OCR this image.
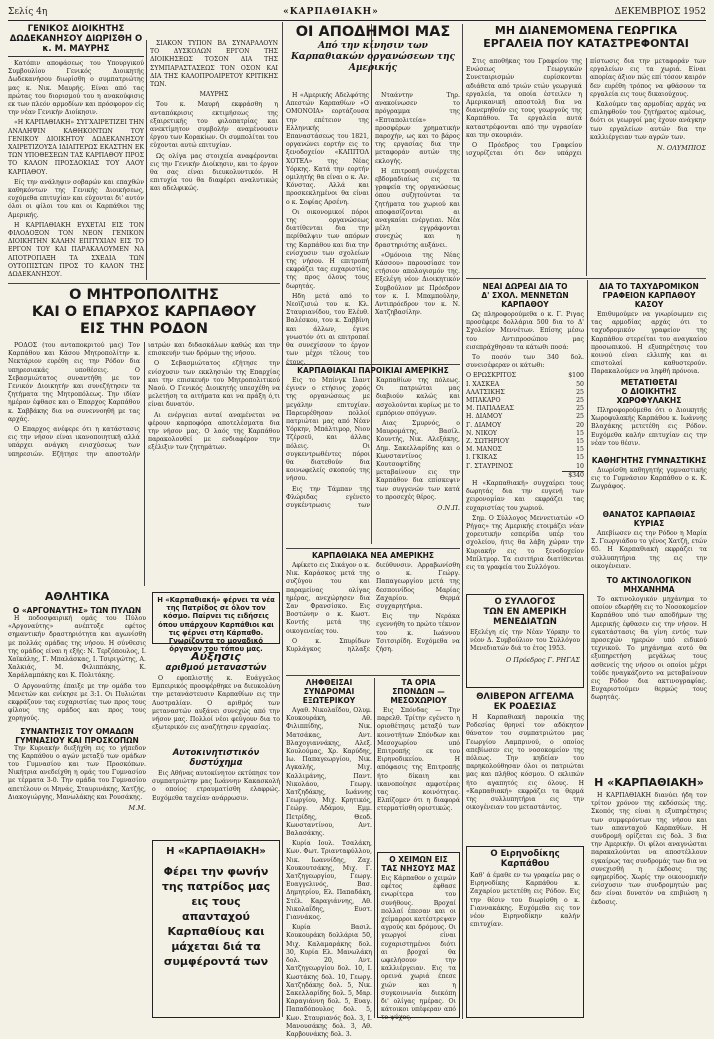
Σελίς 4η	«ΚΑΡΠΑΘΙΑΚΗ»	ΔΕΚΕΜΒΡΙΟΣ 1952
ΓΕΝΙΚΟΣ ΔΙΟΙΚΗΤΗΣ
ΔΩΔΕΚΑΝΗΣΟΥ ΔΙΩΡΙΣΘΗ Ο κ. Μ. ΜΑΥΡΗΣ

Κατόπιν αποφάσεως του Υπουργικού Συμβουλίου Γενικός Διοικητής Δωδεκανήσου διωρίσθη ο συμπατριώτης μας κ. Νικ. Μαυρής. Είναι από τας πρώτας του διορισμού του η ανακούφισις εκ των πλεόν αρμοδίων και πρόσφορον είς την νέαν Γενικήν Διοίκησιν.

«Η ΚΑΡΠΑΘΙΑΚΗ» ΣΥΓΧΑΙΡΕΤΙΖΕΙ ΤΗΝ ΑΝΑΛΗΨΙΝ ΚΑΘΗΚΟΝΤΩΝ ΤΟΥ ΓΕΝΙΚΟΥ ΔΙΟΙΚΗΤΟΥ ΔΩΔΕΚΑΝΗΣΟΥ ΧΑΙΡΕΤΙΖΟΥΣΑ ΙΔΙΑΙΤΕΡΩΣ ΕΚΑΣΤΗΝ ΕΚ ΤΩΝ ΥΠΟΘΕΣΕΩΝ ΤΑΣ ΚΑΡΠΑΘΟΥ ΠΡΟΣ ΤΟ ΚΑΛΟΝ ΠΡΟΣΔΟΚΙΑΣ ΤΟΥ ΛΑΟΥ ΚΑΡΠΑΘΟΥ.

Είς την ανάληψιν σοβαρών και επαχθών καθηκόντων της Γενικής Διοικήσεως, ευχόμεθα επιτυχίαν και εύχονται δι' αυτόν όλοι οι φίλοι του και οι Καρπάθιοι της Αμερικής.

Η ΚΑΡΠΑΘΙΑΚΗ ΕΥΧΕΤΑΙ ΕΙΣ ΤΟΝ ΦΙΛΟΔΟΞΟΝ ΤΟΝ ΝΕΟΝ ΓΕΝΙΚΟΝ ΔΙΟΙΚΗΤΗΝ ΚΑΛΗΝ ΕΠΙΤΥΧΙΑΝ ΕΙΣ ΤΟ ΕΡΓΟΝ ΤΟΥ ΚΑΙ ΠΑΡΑΚΑΛΟΥΜΕΝ ΝΑ ΑΠΟΤΡΟΠΑΞΗ ΤΑ ΣΧΕΔΙΑ ΤΩΝ ΟΥΤΟΠΙΣΤΩΝ ΠΡΟΣ ΤΟ ΚΑΛΟΝ ΤΗΣ ΔΩΔΕΚΑΝΗΣΟΥ.

ΣΙΑΚΟΝ ΤΥΠΟΝ ΒΑ ΣΥΝΑΡΑΛΟΥΝ ΤΟ ΔΥΣΚΟΛΩΝ ΕΡΓΟΝ ΤΗΣ ΔΙΟΙΚΗΣΕΩΣ ΤΟΣΟΝ ΔΙΑ ΤΗΣ ΣΥΜΠΑΡΑΣΤΑΣΕΩΣ ΤΟΝ ΟΣΟΝ ΚΑΙ ΔΙΑ ΤΗΣ ΚΑΛΟΠΡΟΑΙΡΕΤΟΥ ΚΡΙΤΙΚΗΣ ΤΩΝ.

ΜΑΥΡΗΣ

Του κ. Μαυρή εκφράσθη η ανταπόκρισις εκτιμήσεως της εξαιρετικής του φιλοπατρίας και ανεκτίμητον συμβολήν αναμένουσιν έργου των Κορακίων. Οι συμπολίται του εύχονται αυτώ επιτυχίαν.

Ως ολίγα μας στοιχεία αναφέρονται εις την Γενικήν Διοίκησιν, και το έργον θα σας είναι διευκολυντικόν. Η επιτυχία του θα διαφέρει αναλυτικώς και αδελφικώς.

Ο ΜΗΤΡΟΠΟΛΙΤΗΣ
ΚΑΙ Ο ΕΠΑΡΧΟΣ ΚΑΡΠΑΘΟΥ
ΕΙΣ ΤΗΝ ΡΟΔΟΝ

ΡΟΔΟΣ (του ανταποκριτού μας) Τον Καρπάθου και Κάσου Μητροπολίτην κ. Νεκτάριον ευρέθη εις την Ρόδον δια υπηρεσιακάς υποθέσεις. Ο Σεβασμιώτατος συναντήθη με τον Γενικόν Διοικητήν και συνεζήτησεν τα ζητήματα της Μητροπόλεως. Την ιδίαν ημέραν έφθασε και ο Έπαρχος Καρπάθου κ. Σαββάκης δια να συνεννοηθή με τας αρχάς.

Ο Επαρχος ανέφερε ότι η κατάστασις εις την νήσον είναι ικανοποιητική αλλά υπάρχει ανάγκη ενισχύσεως των υπηρεσιών. Εζήτησε την αποστολήν ιατρών και διδασκάλων καθώς και την επισκευήν των δρόμων της νήσου.

Ο Σεβασμιώτατος εζήτησε την ενίσχυσιν των εκκλησιών της Επαρχίας και την επισκευήν του Μητροπολιτικού Ναού. Ο Γενικός Διοικητής υπεσχέθη να μελετήση τα αιτήματα και να πράξη ό,τι είναι δυνατόν.

Αι ενέργειαι αυταί αναμένεται να φέρουν καρποφόρα αποτελέσματα δια την νήσον μας. Ο λαός της Καρπάθου παρακολουθεί με ενδιαφέρον την εξέλιξιν των ζητημάτων.

ΑΘΛΗΤΙΚΑ
Ο «ΑΡΓΟΝΑΥΤΗΣ» ΤΩΝ ΠΥΛΩΝ

Η ποδοσφαιρική ομάς του Πύλου «Αργοναύτης» ανέπτυξε εφέτος σημαντικήν δραστηριότητα και αγωνίσθη με πολλάς ομάδας της νήσου. Η σύνθεσις της ομάδος είναι η εξής: Ν. Τερζόπουλος, Ι. Χαϊκάλης, Γ. Μπαλάσκας, Ι. Τσιριγώτης, Α. Χαλκιάς, Μ. Φιλιππάκης, Κ. Χαράλαμπάκης και Κ. Πολιτάκης.

Ο Αργοναύτης έπαιξε με την ομάδα του Μενετών και ενίκησε με 3:1. Οι Πυλιώται εκφράζουν τας ευχαριστίας των προς τους φίλους της ομάδος και προς τους χορηγούς.

ΣΥΝΑΝΤΗΣΙΣ ΤΟΥ ΟΜΑΔΩΝ ΓΥΜΝΑΣΙΟΥ ΚΑΙ ΠΡΟΣΚΟΠΩΝ

Την Κυριακήν διεξήχθη εις το γήπεδον της Καρπάθου ο αγών μεταξύ των ομάδων του Γυμνασίου και των Προσκόπων. Νικήτρια ανεδείχθη η ομάς του Γυμνασίου με τέρματα 3-0. Την ομάδα του Γυμνασίου απετέλουν οι Μηνάς, Σταυρινάκης, Χατζής, Διακογιώργης, Μανωλάκης και Ρουσάκης.

Μ.Μ.
Η «Καρπαθιακή» φέρνει τα νέα της Πατρίδος σε όλον τον κόσμο. Παίρνει τις ειδήσεις όπου υπάρχουν Καρπάθιοι και τις φέρνει στη Κάρπαθο. Γνωρίζοντα το μοναδικό όργανον του τόπου μας.
Αύξησις
αριθμού μεταναστών

Ο εφοπλιστής κ. Ευάγγελος Εμπειρικός προσφέρθηκε να διευκολύνη την μετανάστευσιν Καρπαθίων εις την Αυστραλίαν. Ο αριθμός των μεταναστών αυξάνει συνεχώς από την νήσον μας. Πολλοί νέοι φεύγουν δια το εξωτερικόν εις αναζήτησιν εργασίας.

Αυτοκινητιστικόν δυστύχημα

Εις Αθήνας αυτοκίνητον εκτύπησε τον συμπατριώτην μας Ιωάννην Κακασκολή ο οποίος ετραυματίσθη ελαφρώς. Ευχόμεθα ταχείαν ανάρρωσιν.

Η «ΚΑΡΠΑΘΙΑΚΗ»
Φέρει την φωνήν της πατρίδος μας εις τους απανταχού Καρπαθίους και μάχεται διά τα συμφέροντά των
ΟΙ ΑΠΟΔΗΜΟΙ ΜΑΣ
Από την κίνησιν των Καρπαθιακών οργανώσεων της Αμερικής

Η «Αμερικής Αδελφότης Απεστών Καρπαθίων «Ο ΟΜΟΝΟΙΑ» εορτάζουσα την επέτειον της Ελληνικής Επαναστάσεως του 1821, οργανώνει εορτήν εις το ξενοδοχείον «ΚΑΠΙΤΟΛ ΧΟΤΕΛ» της Νέας Υόρκης. Κατά την εορτήν ομιλητής θα είναι ο κ. Αν. Κόνστας. Αλλά και προσκεκλημένοι θα είναι ο κ. Σοφίας Αρσένη.

Οι οικονομικοί πόροι της οργανώσεως διατίθενται δια την περίθαλψιν των απόρων της Καρπάθου και δια την ενίσχυσιν των σχολείων της νήσου. Η επιτροπή εκφράζει τας ευχαριστίας της προς όλους τους δωρητάς.

Ηδη μετά από το Νεοϊζισιώ του κ. Κλ. Σταυριανίδου, του Ελέυθ. Βαλέσκου, του κ. Σαββίνη και άλλων, έγινε γνωστόν ότι αι επιτροπαί θα συνεχίσουν το έργον των μέχρι τέλους του έτους.

Νταάντην Τηρ. ανακοίνωσεν το πρόγραμμα της «Επταπολιτεία» προσφέρων χρηματικήν παροχήν, ως και το βάρος της εργασίας δια την μεταφοράν αυτών της εκλογής.

Η επιτροπή συνέρχεται εβδομαδιαίως εις τα γραφεία της οργανώσεως όπου συζητούνται τα ζητήματα του χωριού και αποφασίζονται αι αναγκαίαι ενέργειαι. Νέα μέλη εγγράφονται συνεχώς και η δραστηριότης αυξάνει.

«Ομόνοια της Νέας Κάσσου» παρουσίασε τον ετήσιον απολογισμόν της. Εξελέγη νέον Διοικητικόν Συμβούλιον με Πρόεδρον τον κ. Ι. Μπαμπούλην, Αντιπρόεδρον τον κ. Ν. Χατζηβασίλην.

ΚΑΡΠΑΘΙΑΚΑΙ ΠΑΡΟΙΚΙΑΙ ΑΜΕΡΙΚΗΣ

Εις το Μπίνγκ Ιλαντ έγινεν ο ετήσιος χορός της οργανώσεως με μεγάλην επιτυχίαν. Παρευρέθησαν πολλοί πατριώται μας από Νέαν Υόρκην, Μπάλτιμορ, Νιου Τζέρσεϋ, και άλλας πόλεις. Οι συγκεντρωθέντες πόροι θα διατεθούν δια κοινωφελείς σκοπούς της νήσου.

Εις την Τάμπαν της Φλώριδας εγένετο συγκέντρωσις των Καρπαθίων της πόλεως. Οι πατριώται μας διαβιούν καλώς και ασχολούνται κυρίως με το εμπόριον σπόγγων.

Αιας Σμυρνός, ο Μαυρομάτης, Βασίλ. Κουντής, Νικ. Αλεξάκης, Δημ. Σακελλαρίδης και ο Κωνσταντίνος Κουτσοφτίδης μεταβαίνουν εις την Καρπάθον δια επίσκεψιν των συγγενών των κατά το προσεχές θέρος.

Ο.Ν.Π.
ΚΑΡΠΑΘΙΑΚΑ ΝΕΑ ΑΜΕΡΙΚΗΣ

Αφίκετο εις Σικάγον ο κ. Νικ. Καράσκος μετά της συζύγου του και παραμείνας ολίγας ημέρας, ανεχώρησεν δια Σαν Φρανσίσκο. Εις Βοστώνην ο κ. Κωστ. Κοντής μετά της οικογενείας του.

Ο κ. Σπυρίδων Κυρλάγκος ηλλαξε διεύθυνσιν. Αρραβωνίσθη ο κ. Γεώργ. Παπαγεωργίου μετά της δεσποινίδος Μαρίας Ζαχαρίου. Θερμά συγχαρητήρια.

Εις την Νεράκα εγεννήθη το πρώτο τέκνον του κ. Ιωάννου Τσιτσιρίδη. Ευχόμεθα να ζήση.

ΛΗΦΘΕΙΣΑΙ ΣΥΝΔΡΟΜΑΙ
ΕΞΩΤΕΡΙΚΟΥ

Αγαθ. Νικολαΐδου, Ολυμ. Κουκουράκη, Αθ. Φιλιππίδης, Νικ. Ματσάκας, Αντ. Βλαχογιαννάκης, Αλεξ. Κουλούμας, Χρ. Καρύδης, Ιω. Παπαγεωργίου, Νικ. Αγκαλής, Μιχ. Καλλιμάνης, Παντ. Νικολάου, Γεωργ. Χατζηδάκης, Ιωάννης Γεωργίου, Μιχ. Κρητικός, Γεώργ. Αδάμου, Εμμ. Πετρίδης, Θεοδ. Κωνσταντίνου, Αντ. Βαλασάκης.

Κυρία Ιουλ. Τσαλάκη, Κων. Φωτ. Τριανταφύλλου, Νικ. Ιωαννίδης, Ζαχ. Κουκουτσάκης, Μιχ. Γ. Χατζηγεωργίου, Γεωργ. Ευαγγελινός, Βασ. Δημητρίου, Ελ. Παπαδάκη, Στέλ. Καραγιάννης, Αθ. Νικολαΐδης, Ευστ. Γιαννάκος.

Κυρία Βασιλ. Κουκουράκη δολλάρια 50, Μιχ. Καλαμαράκης δολ. 30, Κυρία Ελ. Μανωλάκη δολ. 20, Αντ. Χατζηγεωργίου δολ. 10, Ι. Κωστάκης δολ. 10, Γεωργ. Χατζηδάκης δολ. 5, Νικ. Σακελλαρίδης δολ. 5, Μαρ. Καραγιάννη δολ. 5, Ευαγ. Παπαδόπουλος δολ. 5, Κων. Σταυριανός δολ. 3, Ι. Μανουσάκης δολ. 3, Αθ. Καρβουνάκης δολ. 3.

ΤΑ ΟΡΙΑ
ΣΠΟΝΔΩΝ — ΜΕΣΟΧΩΡΙΟΥ

Εις Σπόνδας — Την παρελθ. Τρίτην εγένετο η οριοθέτησις μεταξύ των κοινοτήτων Σπόνδων και Μεσοχωρίου υπό Επιτροπής εκ του Ειρηνοδικείου. Η απόφασις της Επιτροπής ήτο δίκαιη και ικανοποίησε αμφοτέρας τας κοινότητας. Ελπίζομεν ότι η διαφορά ετερματίσθη οριστικώς.

Ο ΧΕΙΜΩΝ ΕΙΣ ΤΑΣ ΝΗΣΟΥΣ ΜΑΣ
Εις Κάρπαθον ο χειμών εφέτος έφθασε ενωρίτερα του συνήθους. Βροχαί πολλαί έπεσαν και οι χείμαρροι κατέστρεψαν αγρούς και δρόμους. Οι γεωργοί είναι ευχαριστημένοι διότι αι βροχαί θα ωφελήσουν την καλλιέργειαν. Εις τα ορεινά χωριά έπεσε χιών και η συγκοινωνία διεκόπη δι' ολίγας ημέρας. Οι κάτοικοι υπέφεραν από το ψύχος.
ΜΗ ΔΙΑΝΕΜΟΜΕΝΑ ΓΕΩΡΓΙΚΑ
ΕΡΓΑΛΕΙΑ ΠΟΥ ΚΑΤΑΣΤΡΕΦΟΝΤΑΙ

Στις αποθήκας του Γραφείου της Ενώσεως Γεωργικών Συνεταιρισμών ευρίσκονται αδιάθετα από τριών ετών γεωργικά εργαλεία, τα οποία έστειλεν η Αμερικανική αποστολή δια να διανεμηθούν εις τους γεωργούς της Καρπάθου. Τα εργαλεία αυτά καταστρέφονται από την υγρασίαν και την σκουριάν.

Ο Πρόεδρος του Γραφείου ισχυρίζεται ότι δεν υπάρχει πίστωσις δια την μεταφοράν των εργαλείων εις τα χωριά. Είναι απορίας άξιον πώς επί τόσον καιρόν δεν ευρέθη τρόπος να φθάσουν τα εργαλεία εις τους δικαιούχους.

Καλούμεν τας αρμοδίας αρχάς να επιληφθούν του ζητήματος αμέσως, διότι οι γεωργοί μας έχουν ανάγκην των εργαλείων αυτών δια την καλλιέργειαν των αγρών των.

Ν. ΟΛΥΜΠΙΟΣ
ΝΕΑΙ ΔΩΡΕΑΙ ΔΙΑ ΤΟ
Δ' ΣΧΟΛ. ΜΕΝΝΕΤΩΝ ΚΑΡΠΑΘΟΥ

Ως πληροφορούμεθα ο κ. Γ. Ριγας προσέφερε δολλάρια 500 δια το Δ' Σχολείον Μεννέτων. Επίσης μέσω του Αντιπροσώπου μας εισεπράχθησαν τα κάτωθι ποσά:

Το ποσόν των 340 δολ. συνεισέφεραν οι κάτωθι:

Ο ΕΡΩΣΚΡΙΤΟΣ	$100
Ι. ΧΑΣΚΕΑ	50
ΑΛΑΤΣΙΚΗΣ	25
ΜΠΑΚΑΡΟ	25
Μ. ΠΑΠΑΔΕΑΣ	25
Η. ΔΙΑΜΟΥ	25
Γ. ΔΙΑΜΟΥ	20
Ν. ΝΙΚΟΥ	15
Ζ. ΣΩΤΗΡΙΟΥ	15
Μ. ΜΑΝΟΣ	15
Ι. ΓΚΙΚΑΣ	15
Γ. ΣΤΑΥΡΙΝΟΣ	10
	$340

Η «Καρπαθιακή» συγχαίρει τους δωρητάς δια την ευγενή των χειρονομίαν και εκφράζει τας ευχαριστίας του χωριού.

Σημ. Ο Σύλλογος Μεννετιατών «Ο Ρήγας» της Αμερικής ετοιμάζει νέαν χορευτικήν εσπερίδα υπέρ του σχολείου, ήτις θα λάβη χώραν την Κυριακήν εις το ξενοδοχείον Μπίλτμορ. Τα εισιτήρια διατίθενται εις τα γραφεία του Συλλόγου.

Ο ΣΥΛΛΟΓΟΣ
ΤΩΝ ΕΝ ΑΜΕΡΙΚΗ
ΜΕΝΕΔΙΑΤΩΝ
Εξελέγη είς την Νέαν Υόρκην το νέον Δ. Συμβούλιον του Συλλόγου Μενεδιατών διά το έτος 1953.
Ο Πρόεδρος Γ. ΡΗΓΑΣ
ΘΛΙΒΕΡΟΝ ΑΓΓΕΛΜΑ
ΕΚ ΡΟΔΕΣΙΑΣ

Η Καρπαθιακή παροικία της Ροδεσίας θρηνεί τον αδόκητον θάνατον του συμπατριώτου μας Γεωργίου Λαμπρινού, ο οποίος απεβίωσεν εις το νοσοκομείον της πόλεως. Την κηδείαν του παρηκολούθησαν όλοι οι πατριώται μας και πλήθος κόσμου. Ο εκλιπών ήτο αγαπητός εις όλους. Η «Καρπαθιακή» εκφράζει τα θερμά της συλλυπητήρια εις την οικογένειαν του μεταστάντος.

Ο Ειρηνοδίκης Καρπάθου
Καθ' ά έμαθε εν τω γραφείω μας ο Ειρηνοδίκης Καρπάθου κ. Ζαχαρίου μετετέθη εις Ρόδον. Εις την θέσιν του διωρίσθη ο κ. Γιαννακάκης. Ευχόμεθα εις τον νέον Ειρηνοδίκην καλήν επιτυχίαν.
ΔΙΑ ΤΟ ΤΑΧΥΔΡΟΜΙΚΟΝ
ΓΡΑΦΕΙΟΝ ΚΑΡΠΑΘΟΥ ΚΑΣΟΥ

Επιθυμούμεν να γνωρίσωμεν εις τας αρμοδίας αρχάς ότι το ταχυδρομικόν γραφείον της Καρπάθου στερείται του αναγκαίου προσωπικού. Η εξυπηρέτησις του κοινού είναι ελλιπής και αι επιστολαί καθυστερούν. Παρακαλούμεν να ληφθή πρόνοια.

ΜΕΤΑΤΙΘΕΤΑΙ
Ο ΔΙΟΙΚΗΤΗΣ ΧΩΡΟΦΥΛΑΚΗΣ

Πληροφορούμεθα ότι ο Διοικητής Χωροφυλακής Καρπάθου κ. Ιωάννης Βλαχάκης μετετέθη εις Ρόδον. Ευχόμεθα καλήν επιτυχίαν εις την νέαν του θέσιν.

ΚΑΘΗΓΗΤΗΣ ΓΥΜΝΑΣΤΙΚΗΣ

Διωρίσθη καθηγητής γυμναστικής εις το Γυμνάσιον Καρπάθου ο κ. Κ. Ζωγράφος.

ΘΑΝΑΤΟΣ ΚΑΡΠΑΘΙΑΣ ΚΥΡΙΑΣ

Απεβίωσεν εις την Ρόδον η Μαρία Σ. Γεωργιάδου το γένος Χατζή, ετών 65. Η Καρπαθιακή εκφράζει τα συλλυπητήρια της εις την οικογένειαν.

ΤΟ ΑΚΤΙΝΟΛΟΓΙΚΟΝ ΜΗΧΑΝΗΜΑ

Το ακτινολογικόν μηχάνημα το οποίον εδωρήθη εις το Νοσοκομείον Καρπάθου υπό των αποδήμων της Αμερικής έφθασεν εις την νήσον. Η εγκατάστασις θα γίνη εντός των προσεχών ημερών υπό ειδικού τεχνικού. Το μηχάνημα αυτό θα εξυπηρετήση μεγάλως τους ασθενείς της νήσου οι οποίοι μέχρι τούδε ηναγκάζοντο να μεταβαίνουν εις Ρόδον δια ακτινογραφίας. Ευχαριστούμεν θερμώς τους δωρητάς.

Η «ΚΑΡΠΑΘΙΑΚΗ»

Η ΚΑΡΠΑΘΙΑΚΗ διανύει ήδη τον τρίτον χρόνον της εκδόσεώς της. Σκοπός της είναι η εξυπηρέτησις των συμφερόντων της νήσου και των απανταχού Καρπαθίων. Η συνδρομή ορίζεται εις δολ. 3 δια την Αμερικήν. Οι φίλοι αναγνώσται παρακαλούνται να αποστέλλουν εγκαίρως τας συνδρομάς των δια να συνεχισθή η έκδοσις της εφημερίδος. Χωρίς την οικονομικήν ενίσχυσιν των συνδρομητών μας δεν είναι δυνατόν να επιβιώση η έκδοσις.
